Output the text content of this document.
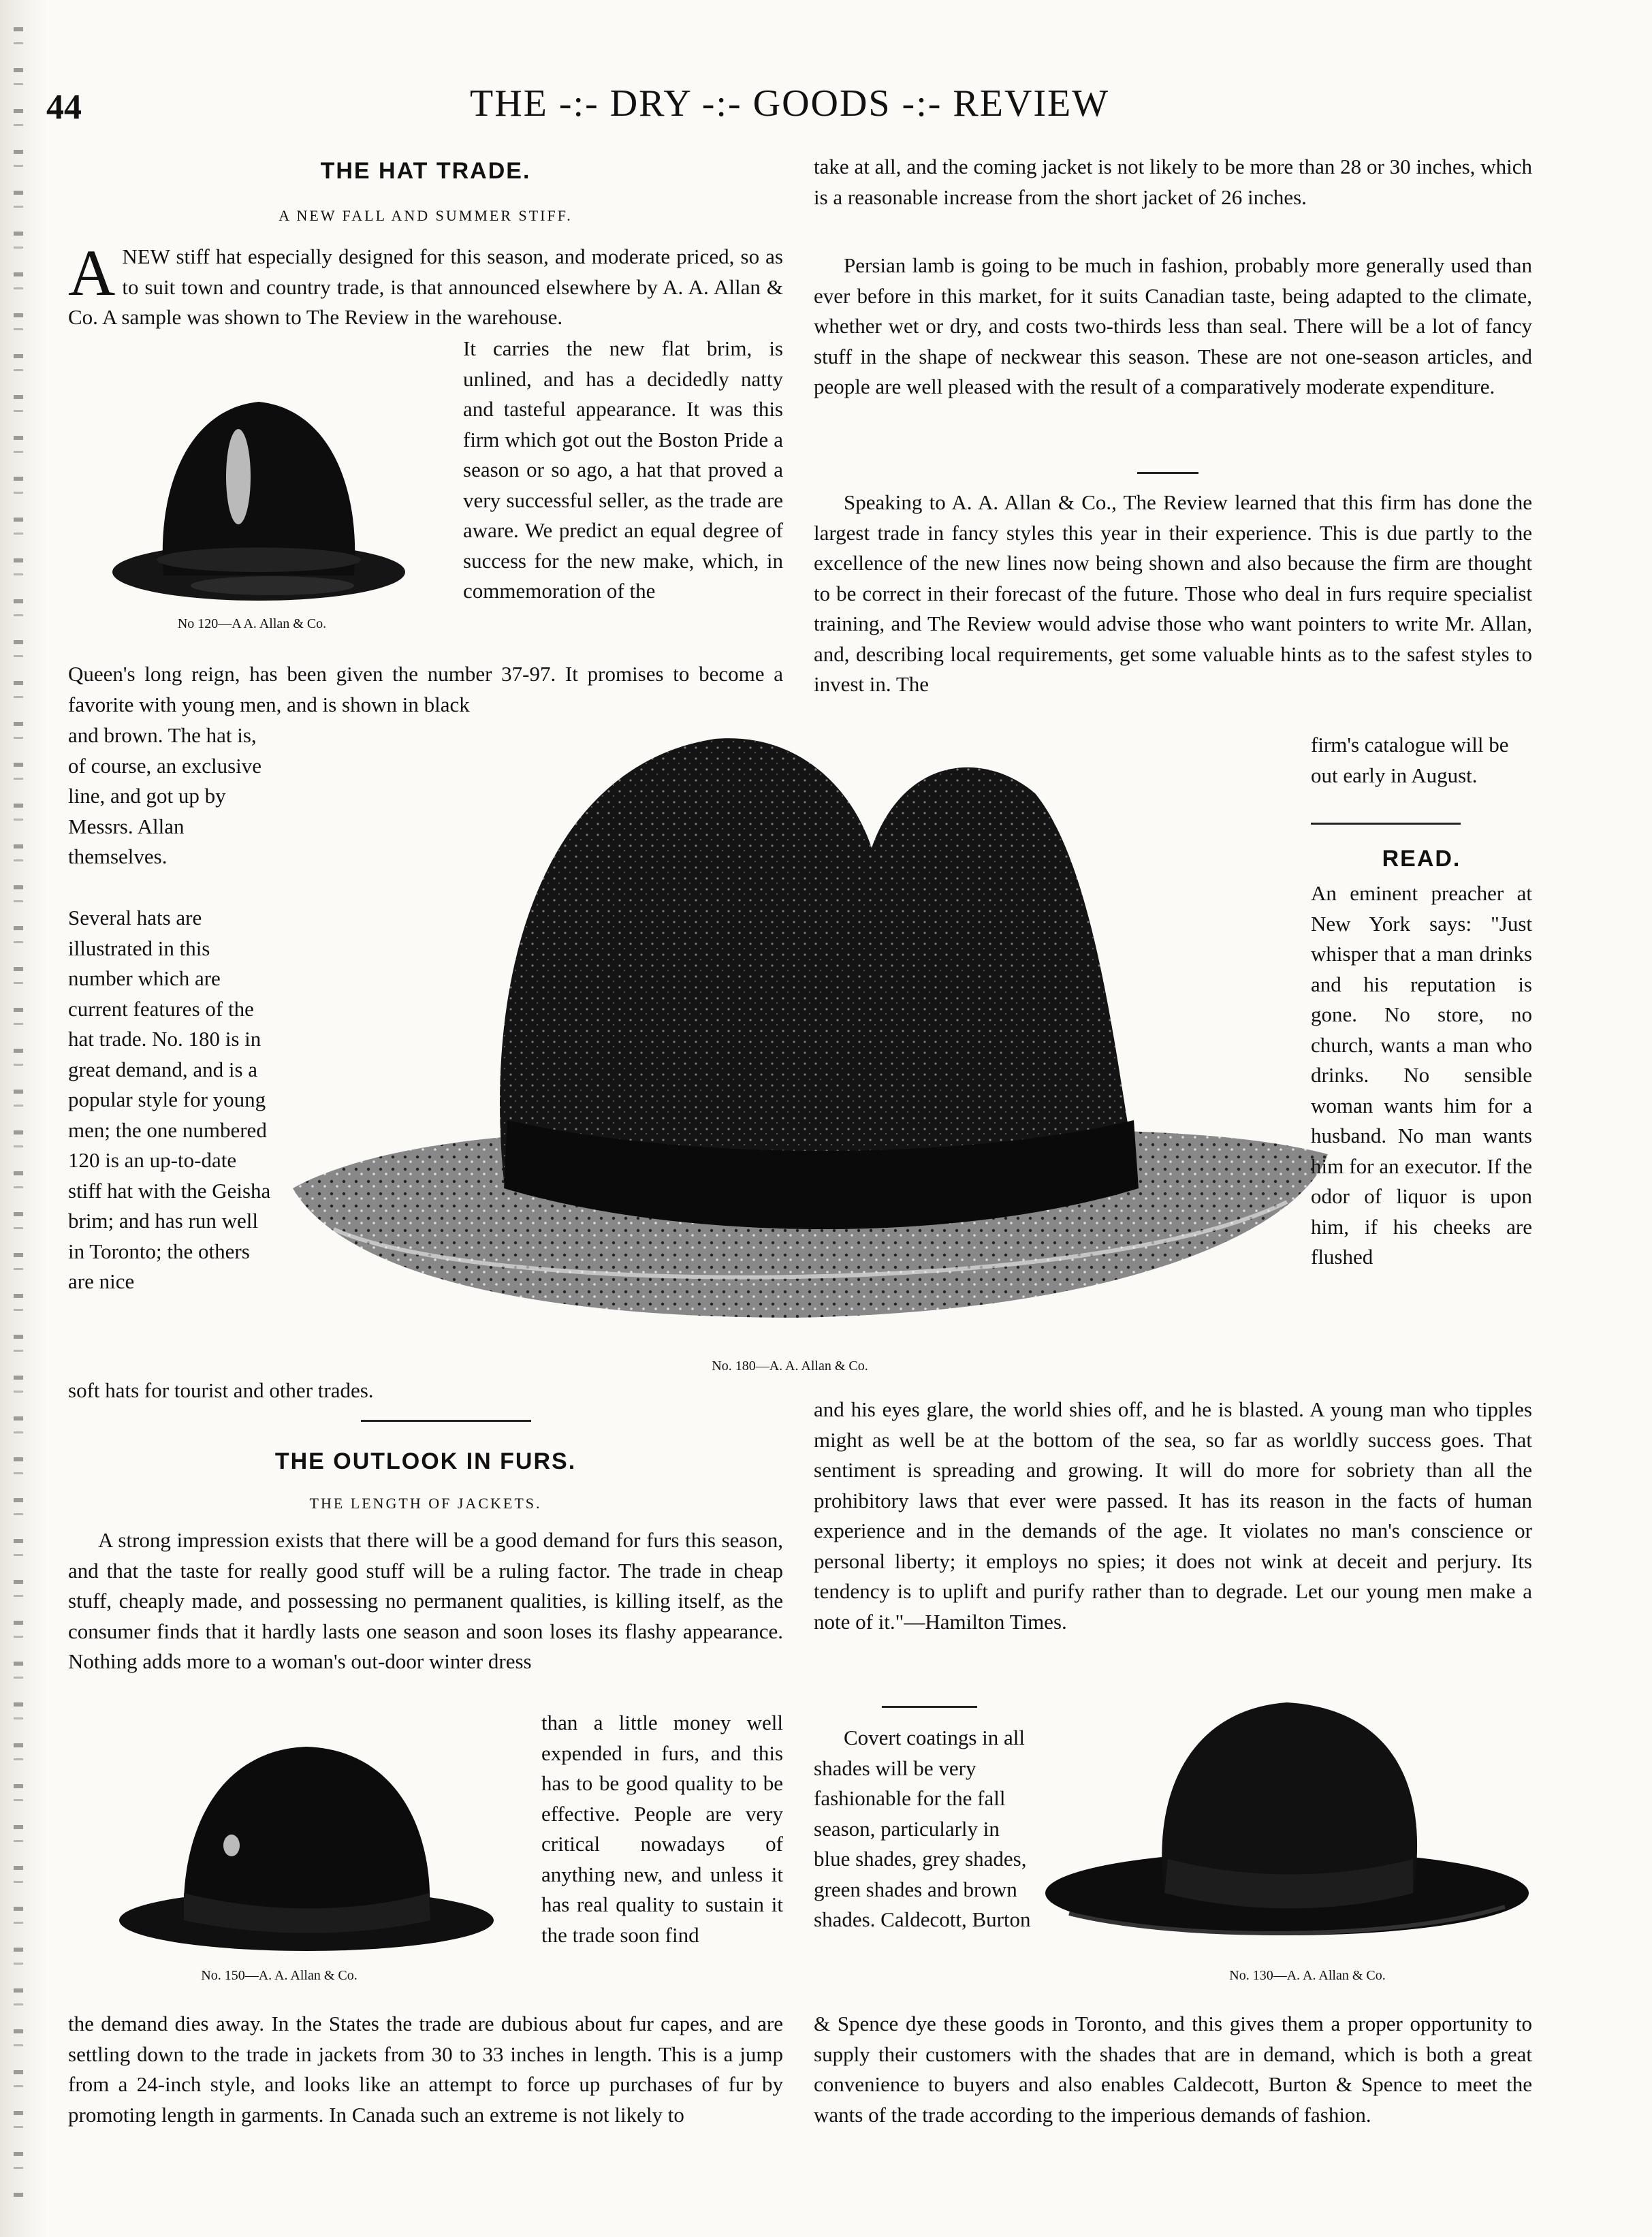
44	THE -:- DRY -:- GOODS -:- REVIEW
THE HAT TRADE.
A NEW FALL AND SUMMER STIFF.
ANEW stiff hat especially designed for this season, and moderate priced, so as to suit town and country trade, is that announced elsewhere by A. A. Allan & Co. A sample was shown to The Review in the warehouse.
It carries the new flat brim, is unlined, and has a decidedly natty and tasteful appearance. It was this firm which got out the Boston Pride a season or so ago, a hat that proved a very successful seller, as the trade are aware. We predict an equal degree of success for the new make, which, in commemoration of the
No 120—A A. Allan & Co.
Queen's long reign, has been given the number 37-97. It promises to become a favorite with young men, and is shown in black
and brown. The hat is, of course, an exclusive line, and got up by Messrs. Allan themselves.
Several hats are illustrated in this number which are current features of the hat trade. No. 180 is in great demand, and is a popular style for young men; the one numbered 120 is an up-to-date stiff hat with the Geisha brim; and has run well in Toronto; the others are nice
soft hats for tourist and other trades.
No. 180—A. A. Allan & Co.
THE OUTLOOK IN FURS.
THE LENGTH OF JACKETS.
A strong impression exists that there will be a good demand for furs this season, and that the taste for really good stuff will be a ruling factor. The trade in cheap stuff, cheaply made, and possessing no permanent qualities, is killing itself, as the consumer finds that it hardly lasts one season and soon loses its flashy appearance. Nothing adds more to a woman's out-door winter dress
than a little money well expended in furs, and this has to be good quality to be effective. People are very critical nowadays of anything new, and unless it has real quality to sustain it the trade soon find
No. 150—A. A. Allan & Co.
the demand dies away. In the States the trade are dubious about fur capes, and are settling down to the trade in jackets from 30 to 33 inches in length. This is a jump from a 24-inch style, and looks like an attempt to force up purchases of fur by promoting length in garments. In Canada such an extreme is not likely to
take at all, and the coming jacket is not likely to be more than 28 or 30 inches, which is a reasonable increase from the short jacket of 26 inches.
Persian lamb is going to be much in fashion, probably more generally used than ever before in this market, for it suits Canadian taste, being adapted to the climate, whether wet or dry, and costs two-thirds less than seal. There will be a lot of fancy stuff in the shape of neckwear this season. These are not one-season articles, and people are well pleased with the result of a comparatively moderate expenditure.
Speaking to A. A. Allan & Co., The Review learned that this firm has done the largest trade in fancy styles this year in their experience. This is due partly to the excellence of the new lines now being shown and also because the firm are thought to be correct in their forecast of the future. Those who deal in furs require specialist training, and The Review would advise those who want pointers to write Mr. Allan, and, describing local requirements, get some valuable hints as to the safest styles to invest in. The
firm's catalogue will be out early in August.
READ.
An eminent preacher at New York says: "Just whisper that a man drinks and his reputation is gone. No store, no church, wants a man who drinks. No sensible woman wants him for a husband. No man wants him for an executor. If the odor of liquor is upon him, if his cheeks are flushed
and his eyes glare, the world shies off, and he is blasted. A young man who tipples might as well be at the bottom of the sea, so far as worldly success goes. That sentiment is spreading and growing. It will do more for sobriety than all the prohibitory laws that ever were passed. It has its reason in the facts of human experience and in the demands of the age. It violates no man's conscience or personal liberty; it employs no spies; it does not wink at deceit and perjury. Its tendency is to uplift and purify rather than to degrade. Let our young men make a note of it."—Hamilton Times.
Covert coatings in all shades will be very fashionable for the fall season, particularly in blue shades, grey shades, green shades and brown shades. Caldecott, Burton
No. 130—A. A. Allan & Co.
& Spence dye these goods in Toronto, and this gives them a proper opportunity to supply their customers with the shades that are in demand, which is both a great convenience to buyers and also enables Caldecott, Burton & Spence to meet the wants of the trade according to the imperious demands of fashion.
